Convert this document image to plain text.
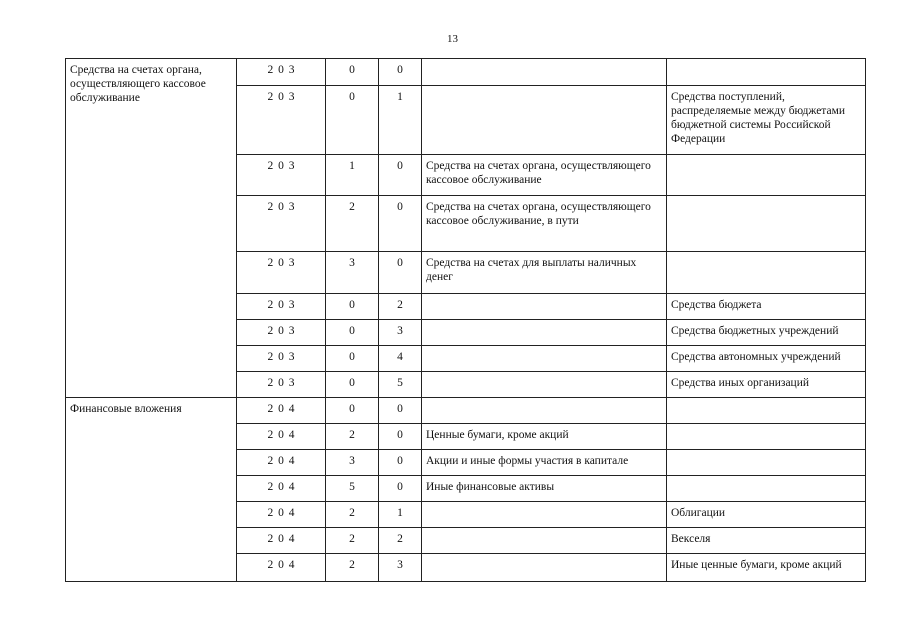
13
Средства на счетах органа, осуществляющего кассовое обслуживание	2 0 3	0	0		
	2 0 3	0	1		Средства поступлений, распределяемые между бюджетами бюджетной системы Российской Федерации
	2 0 3	1	0	Средства на счетах органа, осуществляющего кассовое обслуживание	
	2 0 3	2	0	Средства на счетах органа, осуществляющего кассовое обслуживание, в пути	
	2 0 3	3	0	Средства на счетах для выплаты наличных денег	
	2 0 3	0	2		Средства бюджета
	2 0 3	0	3		Средства бюджетных учреждений
	2 0 3	0	4		Средства автономных учреждений
	2 0 3	0	5		Средства иных организаций
Финансовые вложения	2 0 4	0	0		
	2 0 4	2	0	Ценные бумаги, кроме акций	
	2 0 4	3	0	Акции и иные формы участия в капитале	
	2 0 4	5	0	Иные финансовые активы	
	2 0 4	2	1		Облигации
	2 0 4	2	2		Векселя
	2 0 4	2	3		Иные ценные бумаги, кроме акций
